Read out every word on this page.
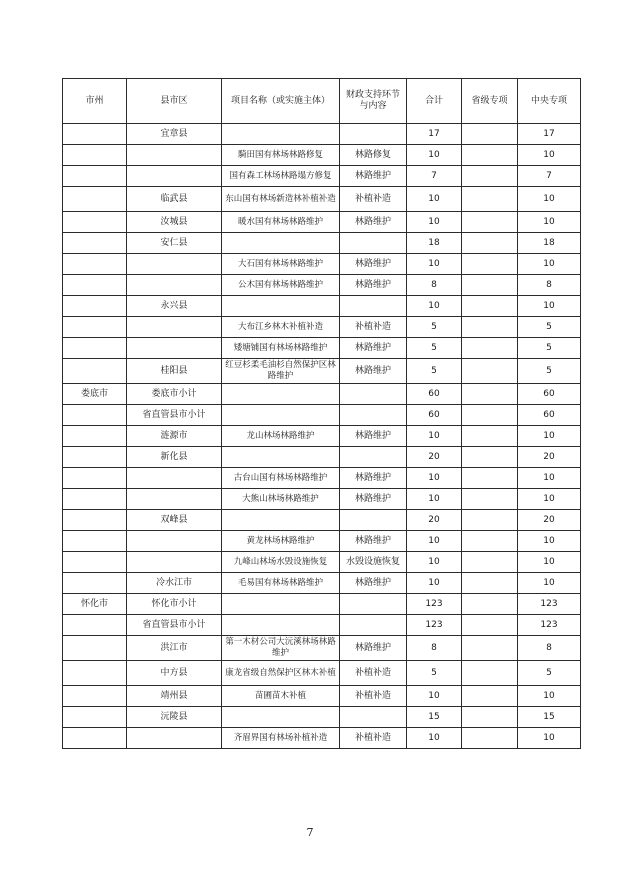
市州	县市区	项目名称（或实施主体）	财政支持环节与内容	合计	省级专项	中央专项
	宜章县			17		17
		騎田国有林场林路修复	林路修复	10		10
		国有森工林场林路塌方修复	林路维护	7		7
	临武县	东山国有林场新造林补植补造	补植补造	10		10
	汝城县	暖水国有林场林路维护	林路维护	10		10
	安仁县			18		18
		大石国有林场林路维护	林路维护	10		10
		公木国有林场林路维护	林路维护	8		8
	永兴县			10		10
		大布江乡林木补植补造	补植补造	5		5
		矮塘铺国有林场林路维护	林路维护	5		5
	桂阳县	红豆杉柔毛油杉自然保护区林路维护	林路维护	5		5
娄底市	娄底市小计			60		60
	省直管县市小计			60		60
	涟源市	龙山林场林路维护	林路维护	10		10
	新化县			20		20
		古台山国有林场林路维护	林路维护	10		10
		大熊山林场林路维护	林路维护	10		10
	双峰县			20		20
		黄龙林场林路维护	林路维护	10		10
		九峰山林场水毁设施恢复	水毁设施恢复	10		10
	冷水江市	毛易国有林场林路维护	林路维护	10		10
怀化市	怀化市小计			123		123
	省直管县市小计			123		123
	洪江市	第一木材公司大沅溪林场林路维护	林路维护	8		8
	中方县	康龙省级自然保护区林木补植	补植补造	5		5
	靖州县	苗圃苗木补植	补植补造	10		10
	沅陵县			15		15
		齐眉界国有林场补植补造	补植补造	10		10
7
